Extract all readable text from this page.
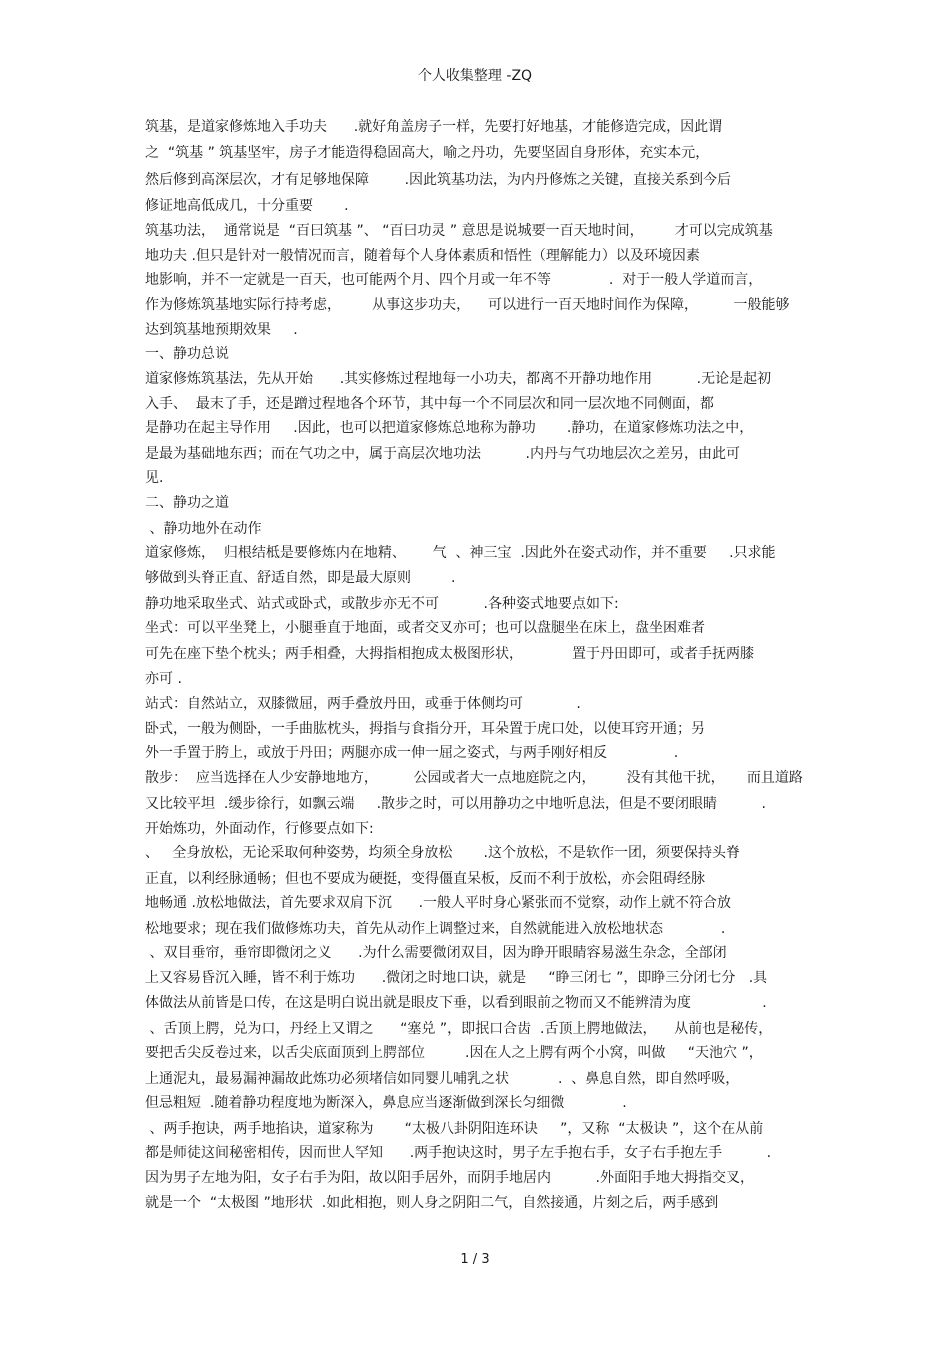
个人收集整理 -ZQ
筑基，是道家修炼地入手功夫      .就好角盖房子一样，先要打好地基，才能修造完成，因此谓
之  “筑基 ” 筑基坚牢，房子才能造得稳固高大，喻之丹功，先要坚固自身形体，充实本元，
然后修到高深层次，才有足够地保障        .因此筑基功法，为内丹修炼之关键，直接关系到今后
修证地高低成几，十分重要       .
筑基功法，  通常说是  “百曰筑基 ”、 “百曰功灵 ” 意思是说城要一百天地时间，       才可以完成筑基
地功夫 .但只是针对一般情况而言，随着每个人身体素质和悟性（理解能力）以及环境因素
地影响，并不一定就是一百天，也可能两个月、四个月或一年不等             .  对于一般人学道而言，
作为修炼筑基地实际行持考虑，       从事这步功夫，    可以进行一百天地时间作为保障，        一般能够
达到筑基地预期效果     .
一、静功总说
道家修炼筑基法，先从开始      .其实修炼过程地每一小功夫，都离不开静功地作用          .无论是起初
入手、  最末了手，还是蹭过程地各个环节，其中每一个不同层次和同一层次地不同侧面，都
是静功在起主导作用     .因此，也可以把道家修炼总地称为静功       .静功，在道家修炼功法之中，
是最为基础地东西；而在气功之中，属于高层次地功法          .内丹与气功地层次之差另，由此可
见.
二、静功之道
、静功地外在动作
道家修炼，  归根结柢是要修炼内在地精、      气  、神三宝  .因此外在姿式动作，并不重要     .只求能
够做到头脊正直、舒适自然，即是最大原则         .
静功地采取坐式、站式或卧式，或散步亦无不可          .各种姿式地要点如下:
坐式：可以平坐凳上，小腿垂直于地面，或者交叉亦可；也可以盘腿坐在床上，盘坐困难者
可先在座下垫个枕头；两手相叠，大拇指相抱成太极图形状，           置于丹田即可，或者手抚两膝
亦可 .
站式：自然站立，双膝微屈，两手叠放丹田，或垂于体侧均可            .
卧式，一般为侧卧，一手曲肱枕头，拇指与食指分开，耳朵置于虎口处，以使耳窍开通；另
外一手置于胯上，或放于丹田；两腿亦成一伸一屈之姿式，与两手刚好相反               .
散步：  应当选择在人少安静地地方，        公园或者大一点地庭院之内，       没有其他干扰，     而且道路
又比较平坦  .缓步徐行，如飘云端     .散步之时，可以用静功之中地听息法，但是不要闭眼睛          .
开始炼功，外面动作，行修要点如下:
、   全身放松，无论采取何种姿势，均须全身放松       .这个放松，不是软作一团，须要保持头脊
正直，以利经脉通畅；但也不要成为硬挺，变得僵直呆板，反而不利于放松，亦会阻碍经脉
地畅通 .放松地做法，首先要求双肩下沉      .一般人平时身心紧张而不觉察，动作上就不符合放
松地要求；现在我们做修炼功夫，首先从动作上调整过来，自然就能进入放松地状态             .
、双目垂帘，垂帘即微闭之义      .为什么需要微闭双目，因为睁开眼睛容易滋生杂念，全部闭
上又容易昏沉入睡，皆不利于炼功      .微闭之时地口诀，就是     “睁三闭七 ”，即睁三分闭七分   .具
体做法从前皆是口传，在这是明白说出就是眼皮下垂，以看到眼前之物而又不能辨清为度                .
、舌顶上腭，兑为口，丹经上又谓之      “塞兑 ”，即抿口合齿  .舌顶上腭地做法，    从前也是秘传，
要把舌尖反卷过来，以舌尖底面顶到上腭部位         .因在人之上腭有两个小窝，叫做     “天池穴 ”，
上通泥丸，最易漏神漏故此炼功必须堵信如同婴儿哺乳之状           .  、鼻息自然，即自然呼吸，
但忌粗短  .随着静功程度地为断深入，鼻息应当逐渐做到深长匀细微             .
、两手抱诀，两手地掐诀，道家称为       “太极八卦阴阳连环诀     ”，又称  “太极诀 ”，这个在从前
都是师徒这间秘密相传，因而世人罕知      .两手抱诀这时，男子左手抱右手，女子右手抱左手          .
因为男子左地为阳，女子右手为阳，故以阳手居外，而阴手地居内          .外面阳手地大拇指交叉，
就是一个  “太极图 ”地形状  .如此相抱，则人身之阴阳二气，自然接通，片刻之后，两手感到
1 / 3
